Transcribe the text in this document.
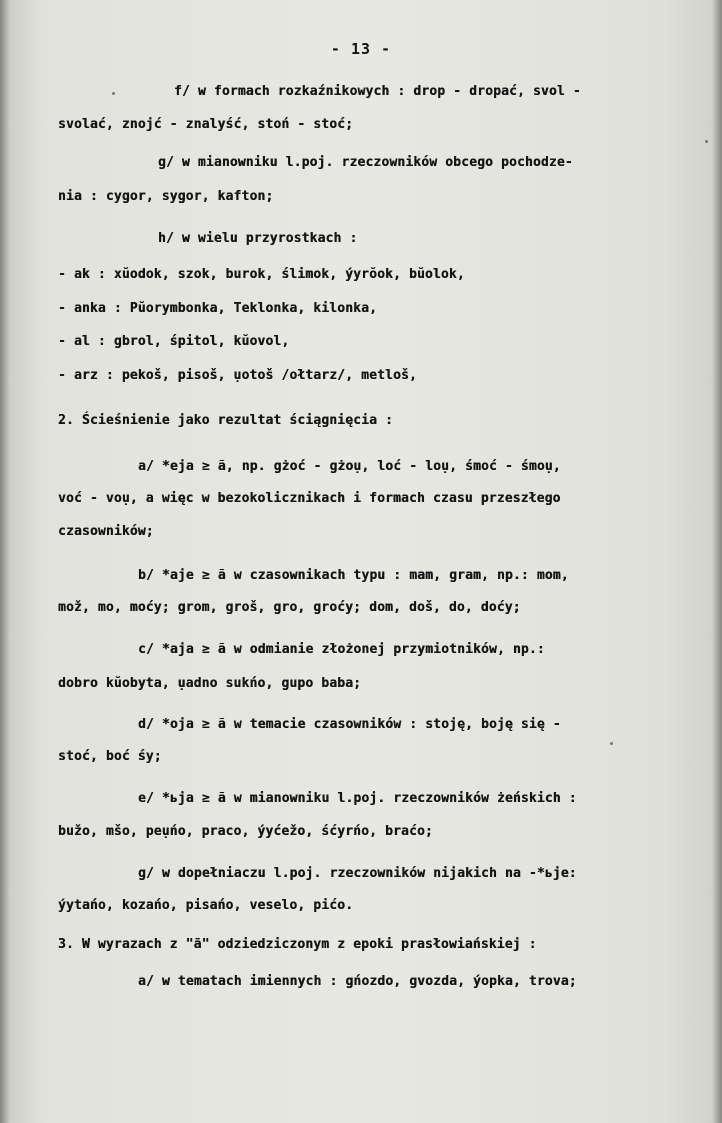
- 13 -
f/ w formach rozkaźnikowych : drop - dropać, svol -
svolać, znojć - znalyść, stoń - stoć;
g/ w mianowniku l.poj. rzeczowników obcego pochodze-
nia : cygor, sygor, kafton;
h/ w wielu przyrostkach :
- ak : xŭodok, szok, burok, ślimok, ýyrŏok, bŭolok,
- anka : Pŭorymbonka, Teklonka, kilonka,
- al : gbrol, śpitol, kŭovol,
- arz : pekoš, pisoš, ụotoš /ołtarz/, metloš,
2. Ścieśnienie jako rezultat ściągnięcia :
a/ *eja ≥ ã, np. gżoć - gżoụ, loć - loụ, śmoć - śmoụ,
voć - voụ, a więc w bezokolicznikach i formach czasu przeszłego
czasowników;
b/ *aje ≥ ã w czasownikach typu : mam, gram, np.: mom,
mož, mo, moćy; grom, groš, gro, groćy; dom, doš, do, doćy;
c/ *aja ≥ ã w odmianie złożonej przymiotników, np.:
dobro kŭobyta, ụadno sukńo, gupo baba;
d/ *oja ≥ ã w temacie czasowników : stoję, boję się -
stoć, boć śy;
e/ *ьja ≥ ã w mianowniku l.poj. rzeczowników żeńskich :
bužo, mšo, peụńo, praco, ýyćežo, śćyrńo, braćo;
g/ w dopełniaczu l.poj. rzeczowników nijakich na -*ьje:
ýytańo, kozańo, pisańo, veselo, pićo.
3. W wyrazach z "ā" odziedziczonym z epoki prasłowiańskiej :
a/ w tematach imiennych : gńozdo, gvozda, ýopka, trova;
